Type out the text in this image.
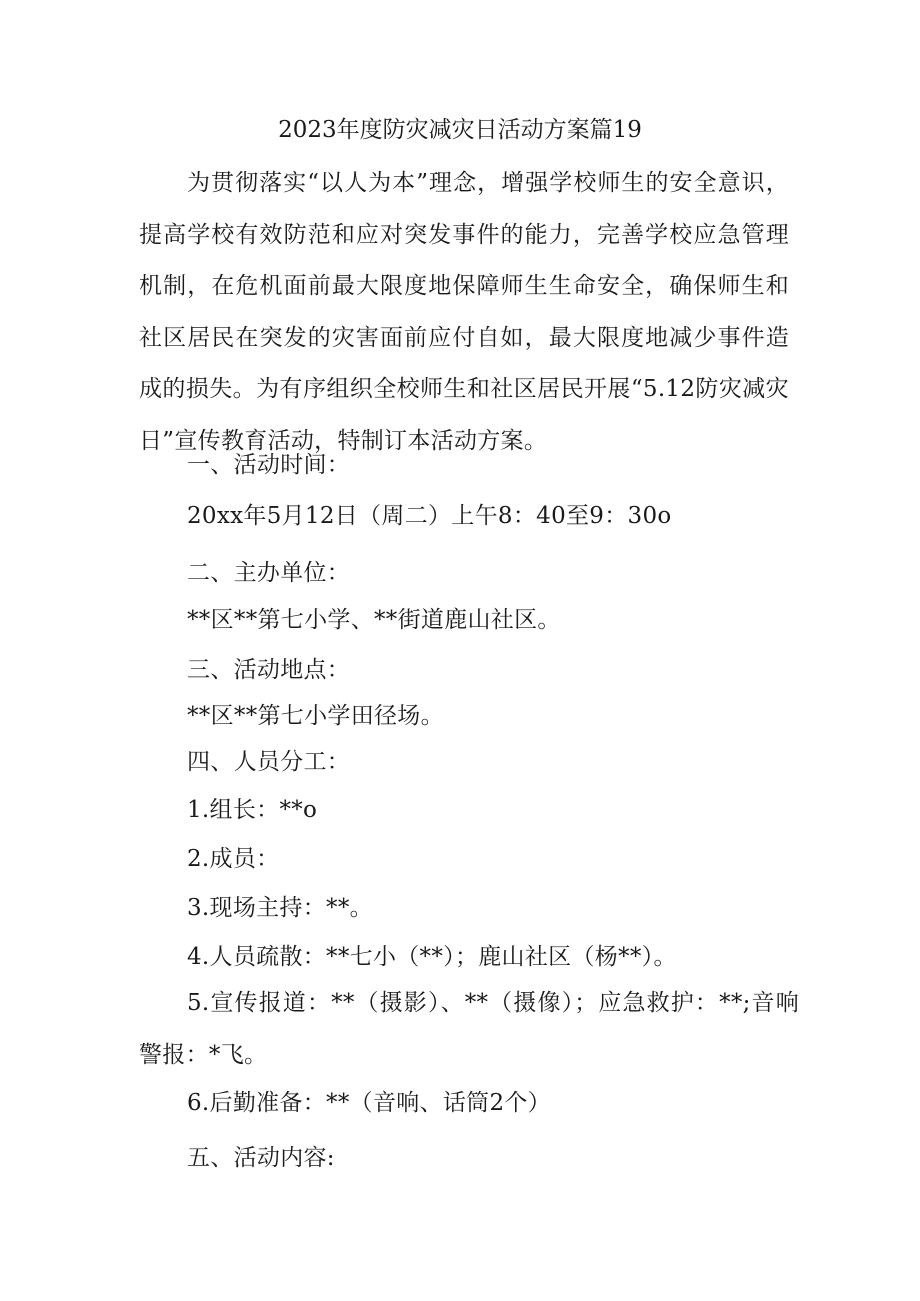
2023年度防灾减灾日活动方案篇19
为贯彻落实“以人为本”理念，增强学校师生的安全意识，提高学校有效防范和应对突发事件的能力，完善学校应急管理机制，在危机面前最大限度地保障师生生命安全，确保师生和社区居民在突发的灾害面前应付自如，最大限度地减少事件造成的损失。为有序组织全校师生和社区居民开展“5.12防灾减灾日”宣传教育活动，特制订本活动方案。
一、活动时间：
20xx年5月12日（周二）上午8：40至9：30o
二、主办单位：
**区**第七小学、**街道鹿山社区。
三、活动地点：
**区**第七小学田径场。
四、人员分工：
1.组长：**o
2.成员：
3.现场主持：**。
4.人员疏散：**七小（**）；鹿山社区（杨**）。
5.宣传报道：**（摄影）、**（摄像）；应急救护：**;音响警报：*飞。
6.后勤准备：**（音响、话筒2个）
五、活动内容:
